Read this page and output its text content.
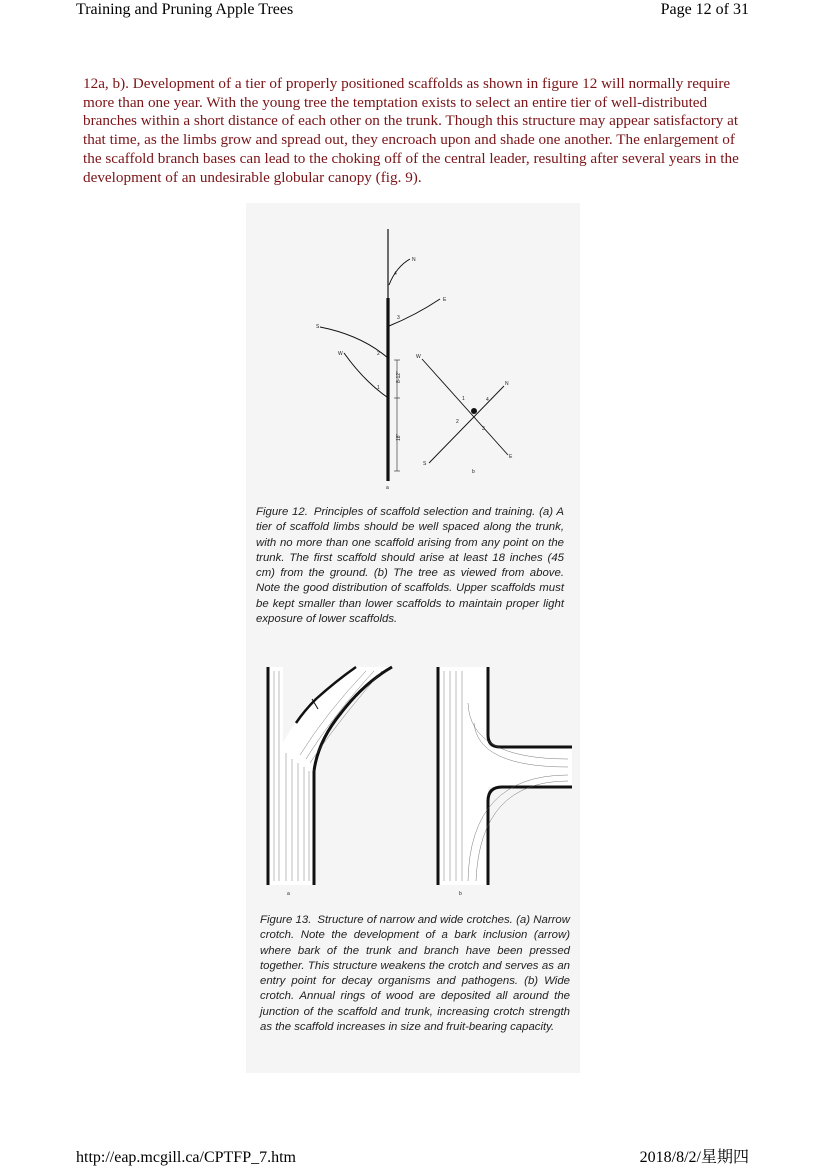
Training and Pruning Apple Trees	Page 12 of 31
12a, b). Development of a tier of properly positioned scaffolds as shown in figure 12 will normally require more than one year. With the young tree the temptation exists to select an entire tier of well-distributed branches within a short distance of each other on the trunk. Though this structure may appear satisfactory at that time, as the limbs grow and spread out, they encroach upon and shade one another. The enlargement of the scaffold branch bases can lead to the choking off of the central leader, resulting after several years in the development of an undesirable globular canopy (fig. 9).
N
E
S
W
4
3
2
1
8-12"
18"
a
W
N
E
S
1	4
2
3
b
Figure 12. Principles of scaffold selection and training. (a) A tier of scaffold limbs should be well spaced along the trunk, with no more than one scaffold arising from any point on the trunk. The first scaffold should arise at least 18 inches (45 cm) from the ground. (b) The tree as viewed from above. Note the good distribution of scaffolds. Upper scaffolds must be kept smaller than lower scaffolds to maintain proper light exposure of lower scaffolds.
a	b
Figure 13. Structure of narrow and wide crotches. (a) Narrow crotch. Note the development of a bark inclusion (arrow) where bark of the trunk and branch have been pressed together. This structure weakens the crotch and serves as an entry point for decay organisms and pathogens. (b) Wide crotch. Annual rings of wood are deposited all around the junction of the scaffold and trunk, increasing crotch strength as the scaffold increases in size and fruit-bearing capacity.
http://eap.mcgill.ca/CPTFP_7.htm	2018/8/2/星期四
